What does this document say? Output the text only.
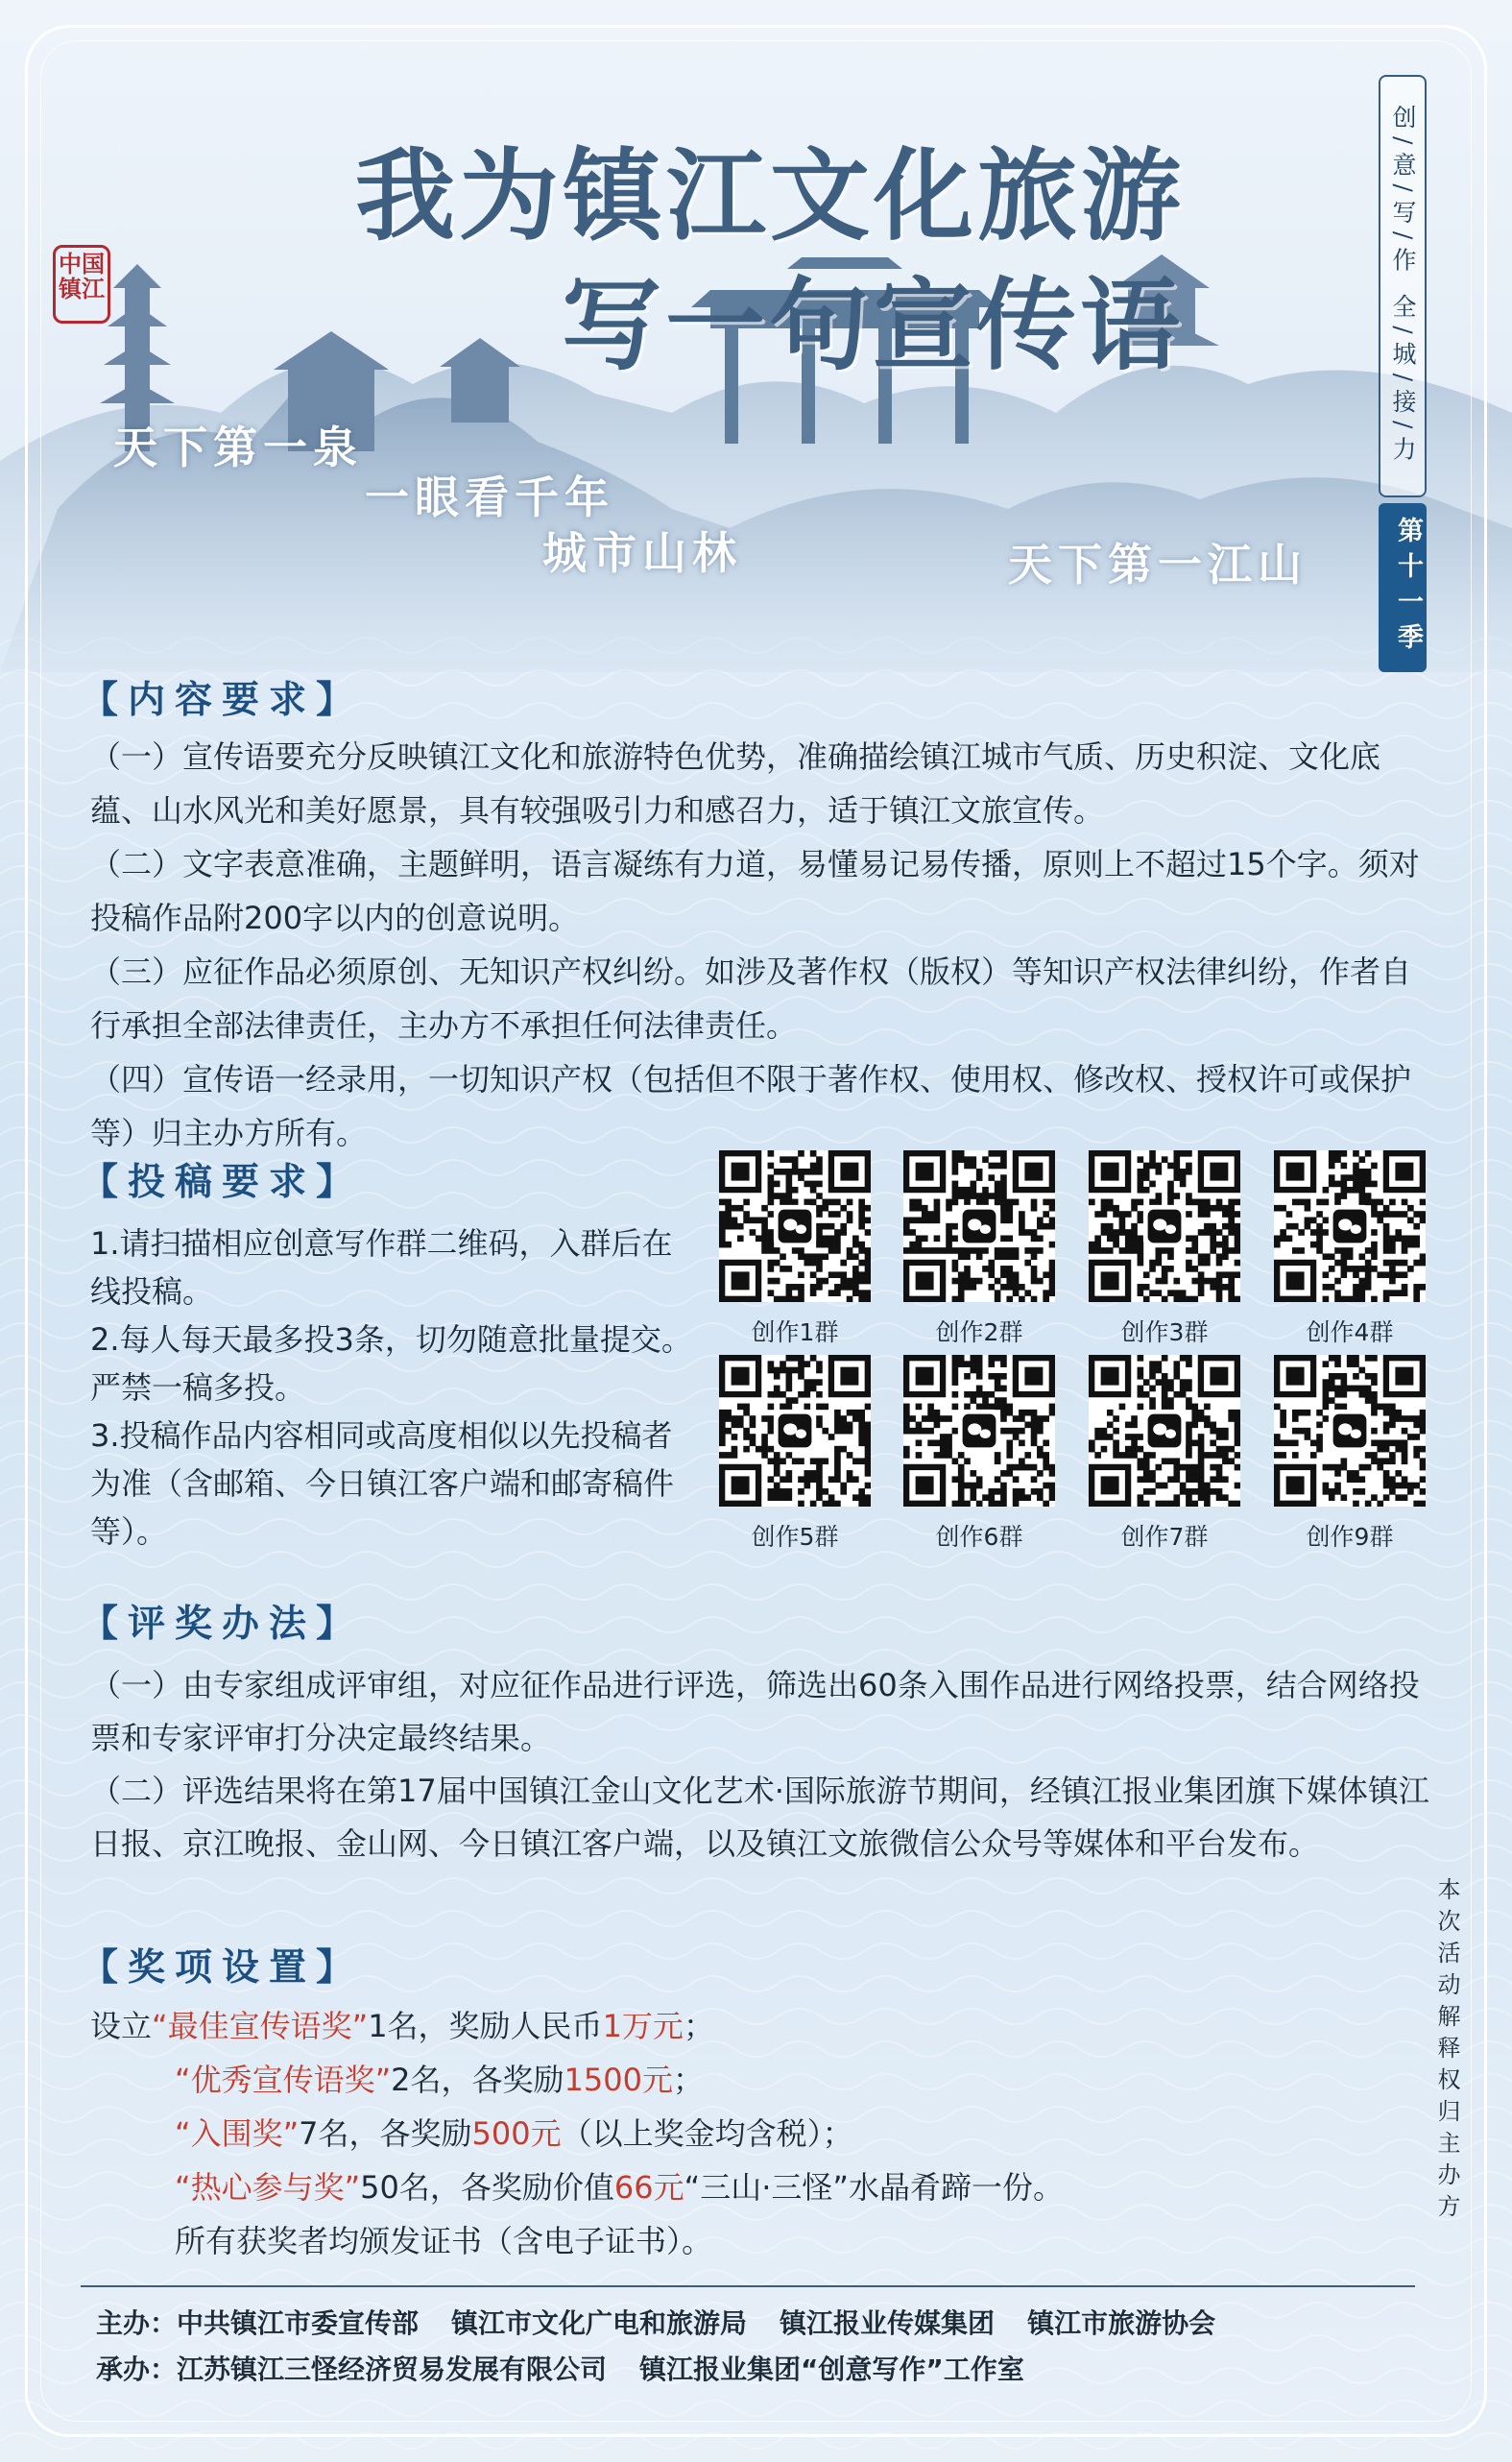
中国镇江
我为镇江文化旅游
写一句宣传语
天下第一泉
一眼看千年
城市山林	天下第一江山
创/意/写/作 全/城/接/力
第十一季
【内容要求】

（一）宣传语要充分反映镇江文化和旅游特色优势，准确描绘镇江城市气质、历史积淀、文化底蕴、山水风光和美好愿景，具有较强吸引力和感召力，适于镇江文旅宣传。

（二）文字表意准确，主题鲜明，语言凝练有力道，易懂易记易传播，原则上不超过15个字。须对投稿作品附200字以内的创意说明。

（三）应征作品必须原创、无知识产权纠纷。如涉及著作权（版权）等知识产权法律纠纷，作者自行承担全部法律责任，主办方不承担任何法律责任。

（四）宣传语一经录用，一切知识产权（包括但不限于著作权、使用权、修改权、授权许可或保护等）归主办方所有。

【投稿要求】

1.请扫描相应创意写作群二维码，入群后在线投稿。

2.每人每天最多投3条，切勿随意批量提交。严禁一稿多投。

3.投稿作品内容相同或高度相似以先投稿者为准（含邮箱、今日镇江客户端和邮寄稿件等）。

创作1群	创作2群	创作3群	创作4群
创作5群	创作6群	创作7群	创作9群
【评奖办法】

（一）由专家组成评审组，对应征作品进行评选，筛选出60条入围作品进行网络投票，结合网络投票和专家评审打分决定最终结果。

（二）评选结果将在第17届中国镇江金山文化艺术·国际旅游节期间，经镇江报业集团旗下媒体镇江日报、京江晚报、金山网、今日镇江客户端，以及镇江文旅微信公众号等媒体和平台发布。

【奖项设置】

设立“最佳宣传语奖”1名，奖励人民币1万元；

“优秀宣传语奖”2名，各奖励1500元；

“入围奖”7名，各奖励500元（以上奖金均含税）；

“热心参与奖”50名，各奖励价值66元“三山·三怪”水晶肴蹄一份。

所有获奖者均颁发证书（含电子证书）。

本次活动解释权归主办方
主办：中共镇江市委宣传部 镇江市文化广电和旅游局 镇江报业传媒集团 镇江市旅游协会
承办：江苏镇江三怪经济贸易发展有限公司 镇江报业集团“创意写作”工作室
